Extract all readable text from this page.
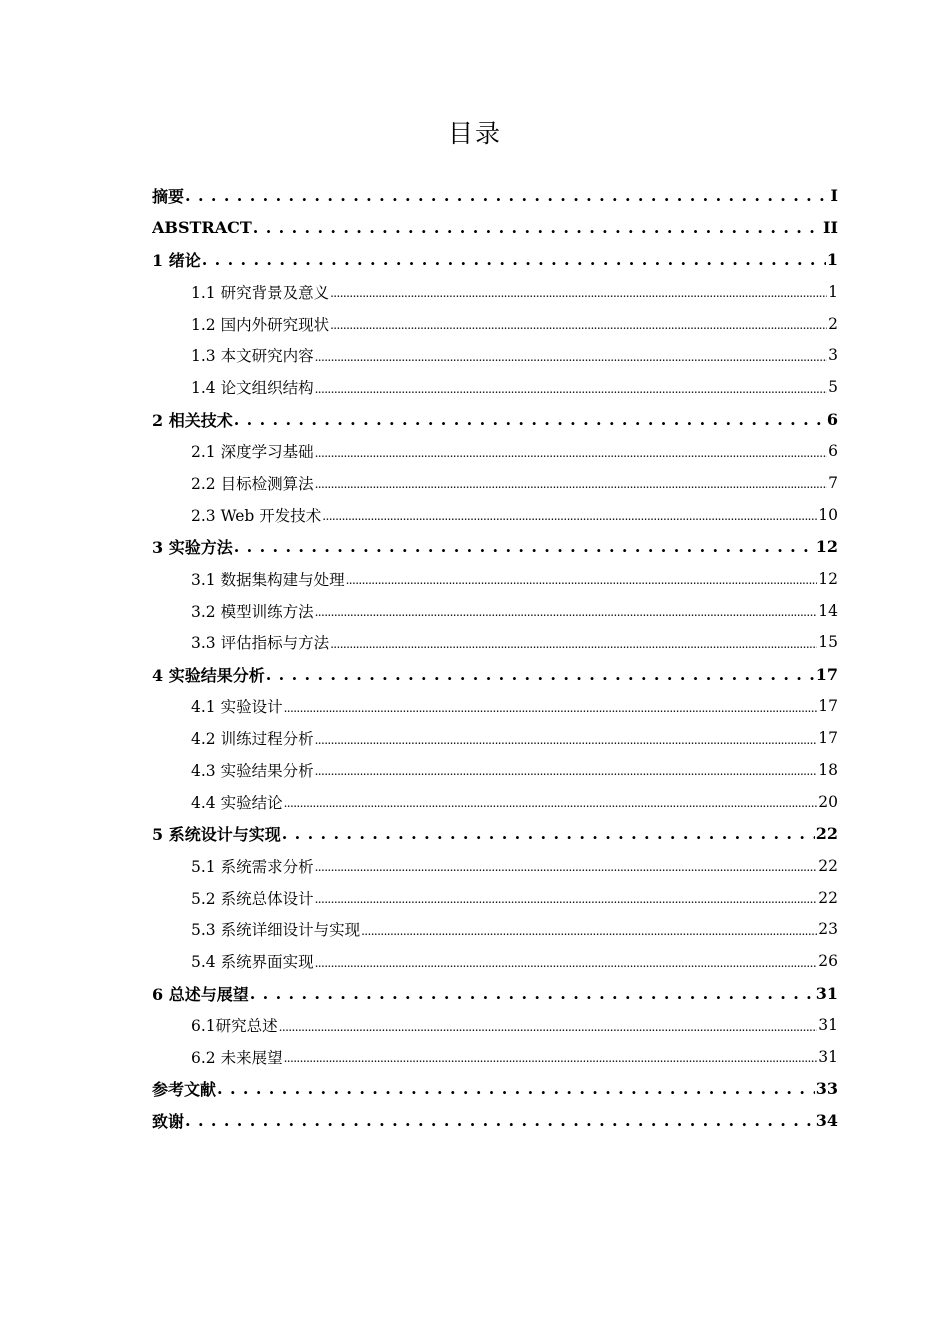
目录
摘要 . . .	I
ABSTRACT . . .	II
1 绪论 . . .	1
1.1 研究背景及意义 .....	1
1.2 国内外研究现状 .....	2
1.3 本文研究内容 .....	3
1.4 论文组织结构 .....	5
2 相关技术 . . .	6
2.1 深度学习基础 .....	6
2.2 目标检测算法 .....	7
2.3 Web 开发技术 .....	10
3 实验方法 . . .	12
3.1 数据集构建与处理 .....	12
3.2 模型训练方法 .....	14
3.3 评估指标与方法 .....	15
4 实验结果分析 . . .	17
4.1 实验设计 .....	17
4.2 训练过程分析 .....	17
4.3 实验结果分析 .....	18
4.4 实验结论 .....	20
5 系统设计与实现 . . .	22
5.1 系统需求分析 .....	22
5.2 系统总体设计 .....	22
5.3 系统详细设计与实现 .....	23
5.4 系统界面实现 .....	26
6 总述与展望 . . .	31
6.1研究总述 .....	31
6.2 未来展望 .....	31
参考文献 . . .	33
致谢 . . .	34
